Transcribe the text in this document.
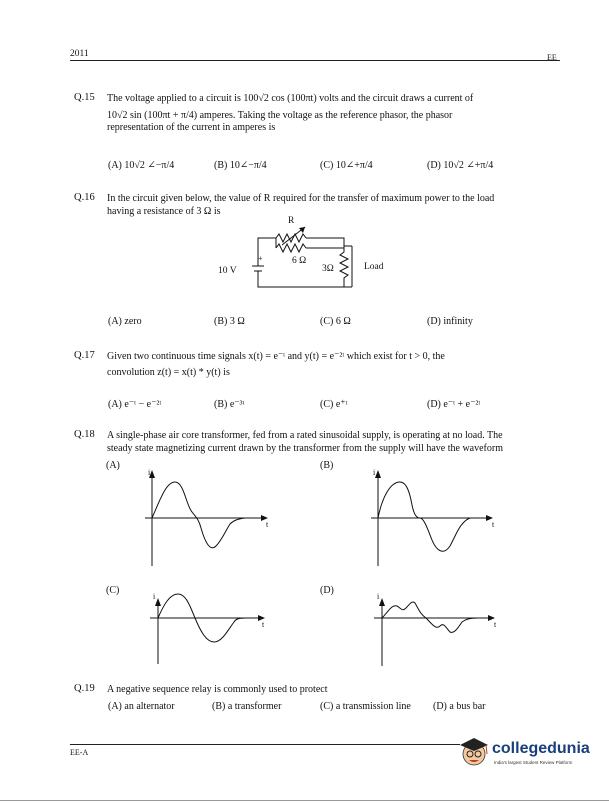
2011	EE
Q.15 The voltage applied to a circuit is 100√2 cos (100πt) volts and the circuit draws a current of
10√2 sin (100πt + π/4) amperes. Taking the voltage as the reference phasor, the phasor
representation of the current in amperes is
(A) 10√2 ∠−π/4	(B) 10∠−π/4	(C) 10∠+π/4	(D) 10√2 ∠+π/4
Q.16 In the circuit given below, the value of R required for the transfer of maximum power to the load
having a resistance of 3 Ω is
R
6 Ω
3Ω	Load
10 V
+
(A) zero	(B) 3 Ω	(C) 6 Ω	(D) infinity
Q.17 Given two continuous time signals x(t) = e⁻ᵗ and y(t) = e⁻²ᵗ which exist for t > 0, the
convolution z(t) = x(t) * y(t) is
(A) e⁻ᵗ − e⁻²ᵗ	(B) e⁻³ᵗ	(C) e⁺ᵗ	(D) e⁻ᵗ + e⁻²ᵗ
Q.18 A single-phase air core transformer, fed from a rated sinusoidal supply, is operating at no load. The
steady state magnetizing current drawn by the transformer from the supply will have the waveform
(A)	(B)
(C)	(D)
i
t
i
t
i
t
i
t
Q.19 A negative sequence relay is commonly used to protect
(A) an alternator	(B) a transformer	(C) a transmission line (D) a bus bar
EE-A	collegedunia
India's largest Student Review Platform
